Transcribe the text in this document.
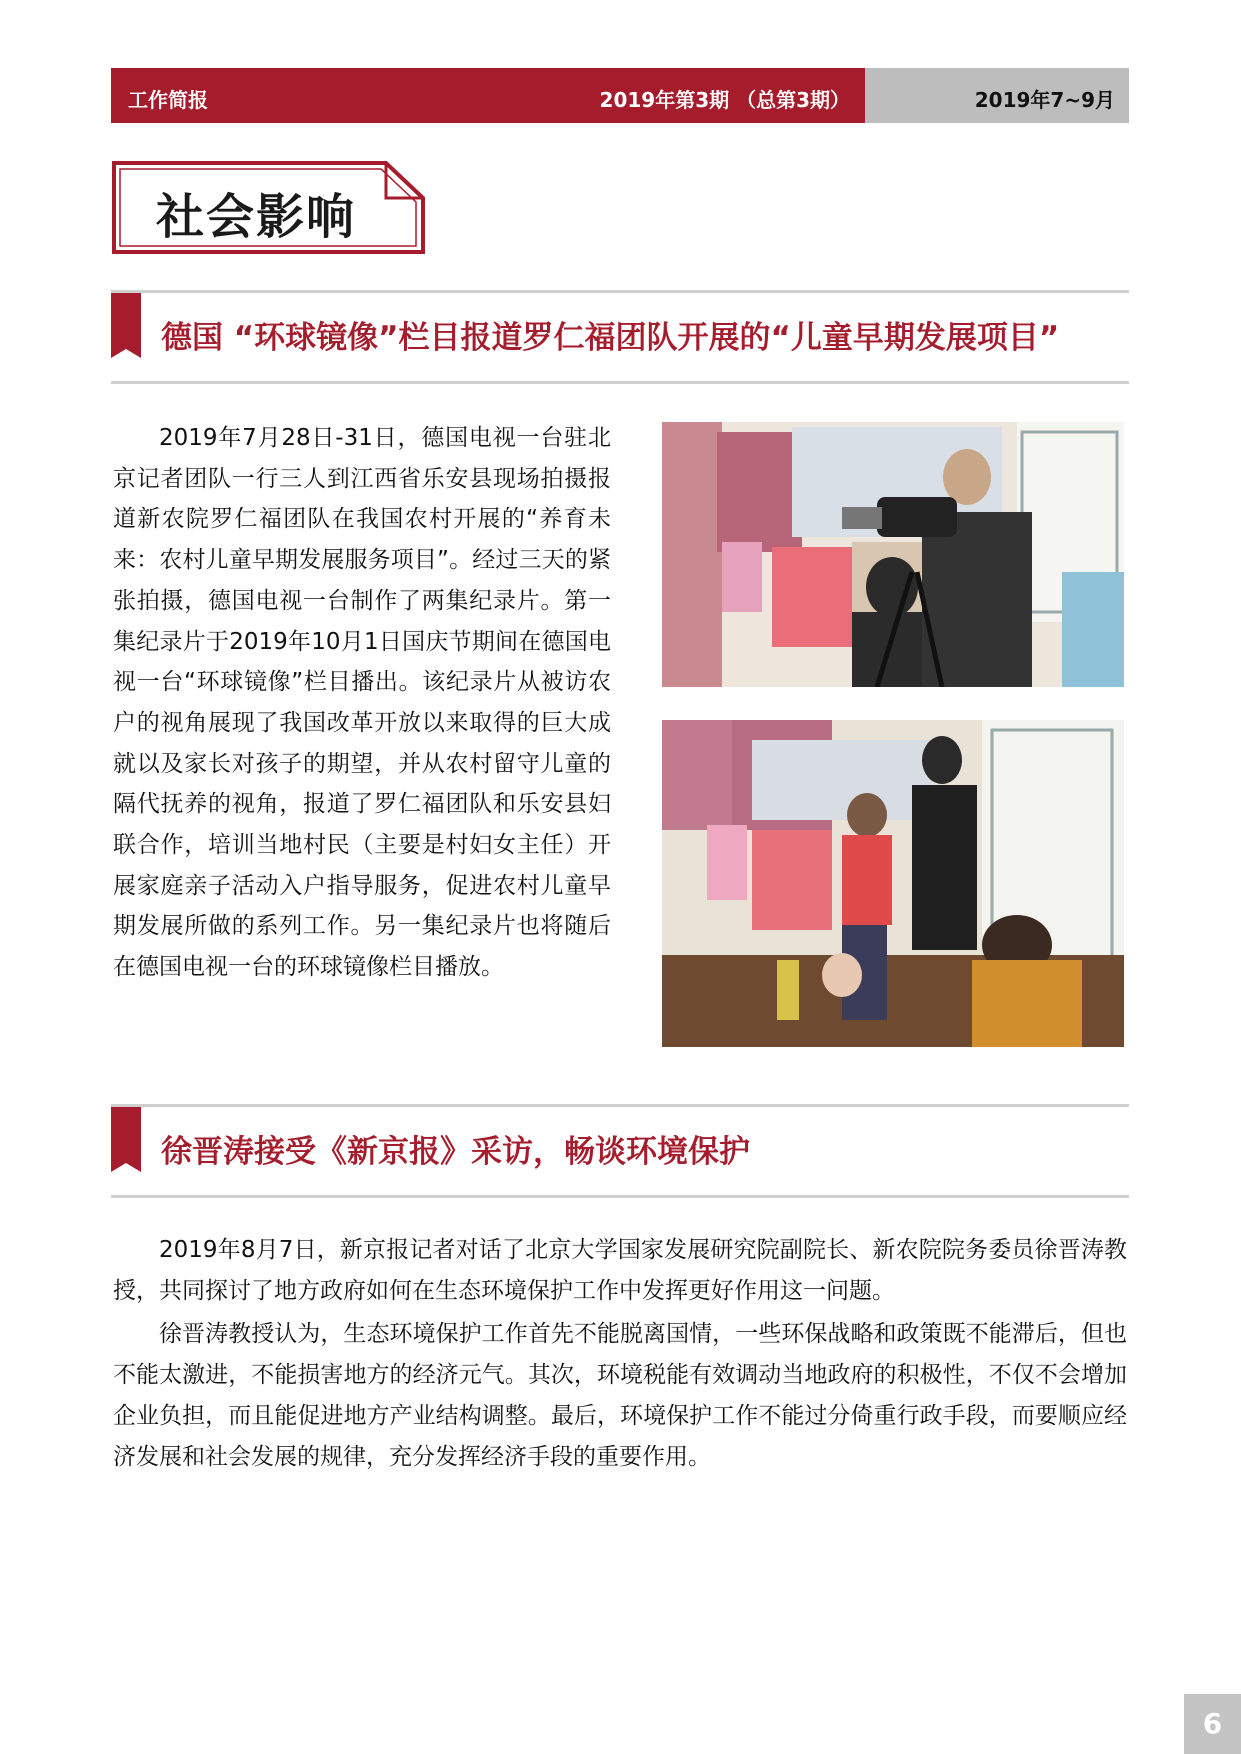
工作简报	2019年第3期 （总第3期）	2019年7~9月
社会影响
德国 “环球镜像”栏目报道罗仁福团队开展的“儿童早期发展项目”
2019年7月28日-31日，德国电视一台驻北京记者团队一行三人到江西省乐安县现场拍摄报道新农院罗仁福团队在我国农村开展的“养育未来：农村儿童早期发展服务项目”。经过三天的紧张拍摄，德国电视一台制作了两集纪录片。第一集纪录片于2019年10月1日国庆节期间在德国电视一台“环球镜像”栏目播出。该纪录片从被访农户的视角展现了我国改革开放以来取得的巨大成就以及家长对孩子的期望，并从农村留守儿童的隔代抚养的视角，报道了罗仁福团队和乐安县妇联合作，培训当地村民（主要是村妇女主任）开展家庭亲子活动入户指导服务，促进农村儿童早期发展所做的系列工作。另一集纪录片也将随后在德国电视一台的环球镜像栏目播放。
徐晋涛接受《新京报》采访，畅谈环境保护

2019年8月7日，新京报记者对话了北京大学国家发展研究院副院长、新农院院务委员徐晋涛教授，共同探讨了地方政府如何在生态环境保护工作中发挥更好作用这一问题。

徐晋涛教授认为，生态环境保护工作首先不能脱离国情，一些环保战略和政策既不能滞后，但也不能太激进，不能损害地方的经济元气。其次，环境税能有效调动当地政府的积极性，不仅不会增加企业负担，而且能促进地方产业结构调整。最后，环境保护工作不能过分倚重行政手段，而要顺应经济发展和社会发展的规律，充分发挥经济手段的重要作用。

6
